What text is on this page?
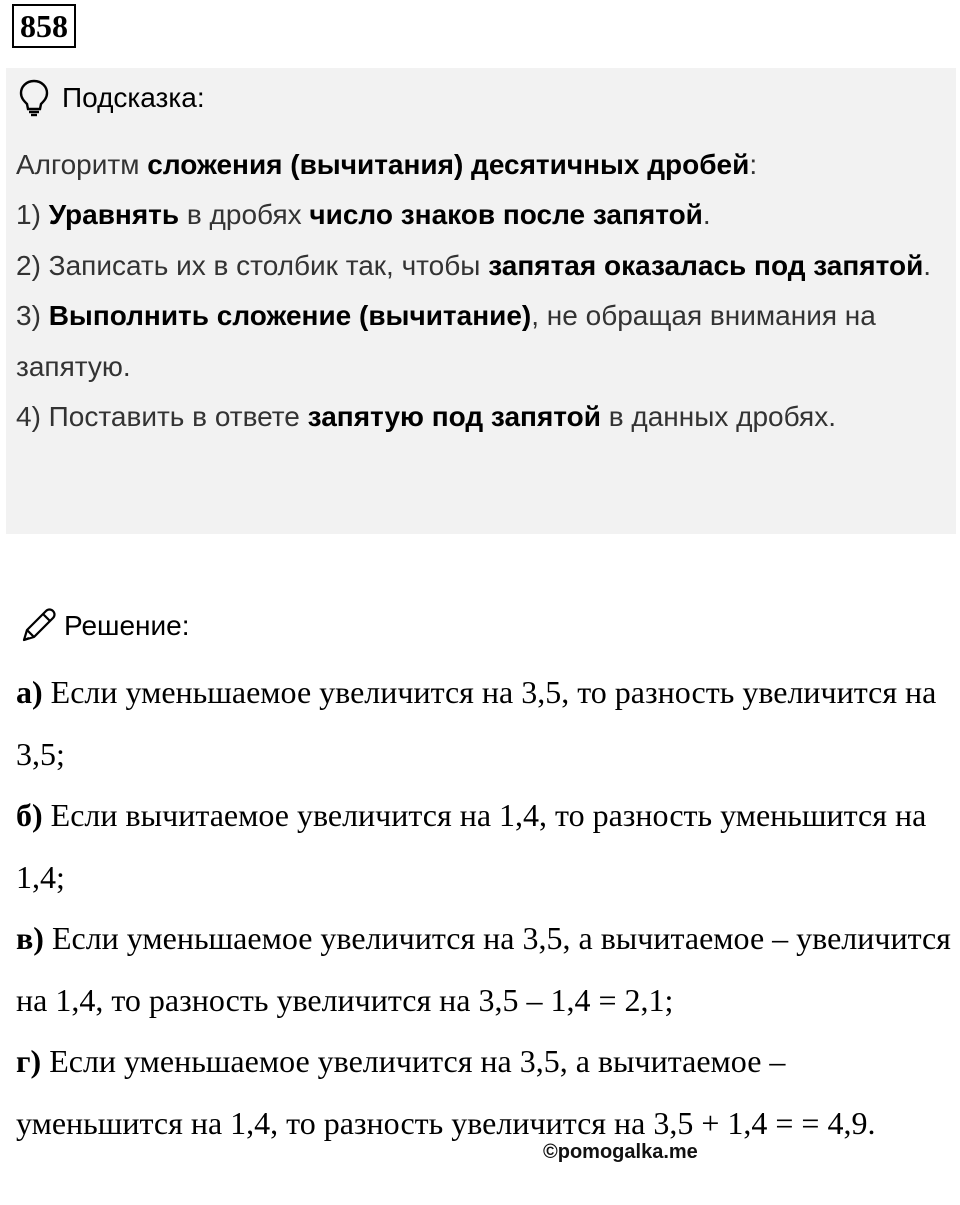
858
Подсказка:

Алгоритм сложения (вычитания) десятичных дробей:

1) Уравнять в дробях число знаков после запятой.

2) Записать их в столбик так, чтобы запятая оказалась под запятой.

3) Выполнить сложение (вычитание), не обращая внимания на запятую.

4) Поставить в ответе запятую под запятой в данных дробях.

Решение:

а) Если уменьшаемое увеличится на 3,5, то разность увеличится на 3,5;

б) Если вычитаемое увеличится на 1,4, то разность уменьшится на 1,4;

в) Если уменьшаемое увеличится на 3,5, а вычитаемое – увеличится на 1,4, то разность увеличится на 3,5 – 1,4 = 2,1;

г) Если уменьшаемое увеличится на 3,5, а вычитаемое – уменьшится на 1,4, то разность увеличится на 3,5 + 1,4 = = 4,9.

©pomogalka.me
